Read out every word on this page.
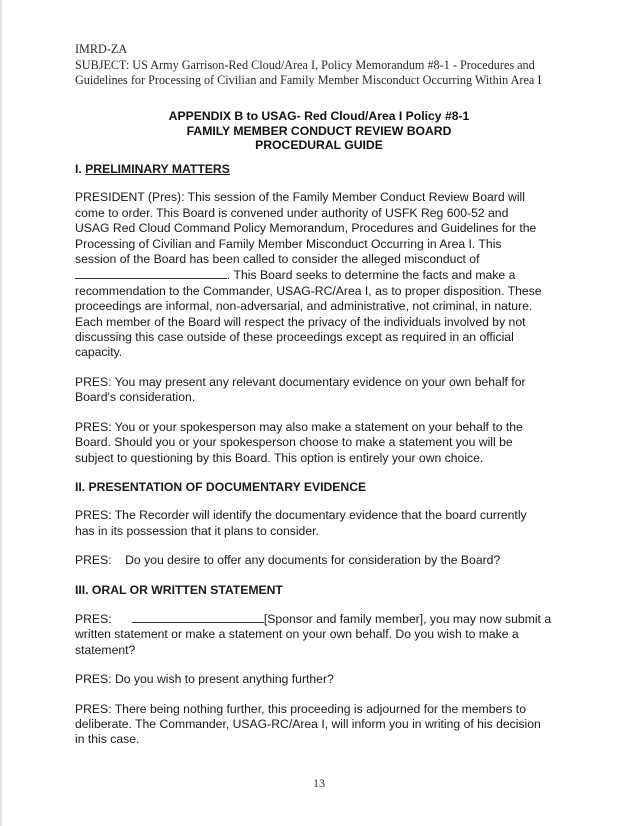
IMRD-ZA
SUBJECT: US Army Garrison-Red Cloud/Area I, Policy Memorandum #8-1 - Procedures and
Guidelines for Processing of Civilian and Family Member Misconduct Occurring Within Area I
APPENDIX B to USAG- Red Cloud/Area I Policy #8-1
FAMILY MEMBER CONDUCT REVIEW BOARD
PROCEDURAL GUIDE
I. PRELIMINARY MATTERS
PRESIDENT (Pres): This session of the Family Member Conduct Review Board will
come to order. This Board is convened under authority of USFK Reg 600-52 and
USAG Red Cloud Command Policy Memorandum, Procedures and Guidelines for the
Processing of Civilian and Family Member Misconduct Occurring in Area I. This
session of the Board has been called to consider the alleged misconduct of
. This Board seeks to determine the facts and make a
recommendation to the Commander, USAG-RC/Area I, as to proper disposition. These
proceedings are informal, non-adversarial, and administrative, not criminal, in nature.
Each member of the Board will respect the privacy of the individuals involved by not
discussing this case outside of these proceedings except as required in an official
capacity.
PRES: You may present any relevant documentary evidence on your own behalf for
Board's consideration.
PRES: You or your spokesperson may also make a statement on your behalf to the
Board. Should you or your spokesperson choose to make a statement you will be
subject to questioning by this Board. This option is entirely your own choice.
II. PRESENTATION OF DOCUMENTARY EVIDENCE
PRES: The Recorder will identify the documentary evidence that the board currently
has in its possession that it plans to consider.
PRES:    Do you desire to offer any documents for consideration by the Board?
III. ORAL OR WRITTEN STATEMENT
PRES:	[Sponsor and family member], you may now submit a
written statement or make a statement on your own behalf. Do you wish to make a
statement?
PRES: Do you wish to present anything further?
PRES: There being nothing further, this proceeding is adjourned for the members to
deliberate. The Commander, USAG-RC/Area I, will inform you in writing of his decision
in this case.
13
